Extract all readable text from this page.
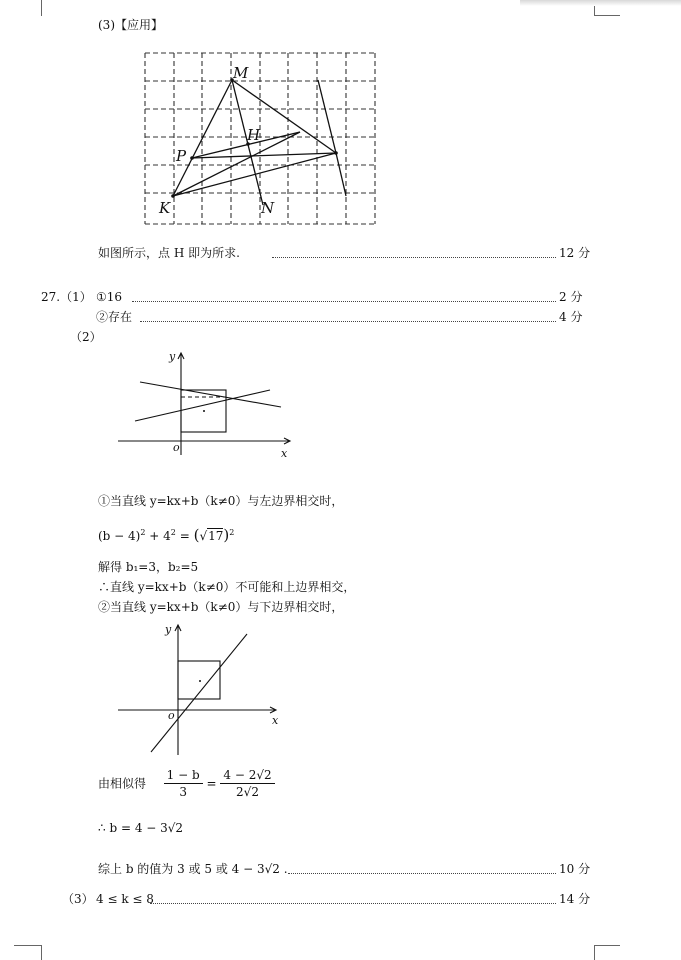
(3)【应用】
M
H
P
K	N
如图所示，点 H 即为所求.	12 分
27.（1） ①16	2 分
②存在	4 分
（2）
y
x
o
①当直线 y=kx+b（k≠0）与左边界相交时，
$(b - 4)^2 + 4^2 = (√17)^2$
解得 b₁=3，b₂=5
∴直线 y=kx+b（k≠0）不可能和上边界相交，
②当直线 y=kx+b（k≠0）与下边界相交时，
y
x
o
由相似得 $\frac{1 - b}{3} = \frac{4 - 2√2}{2√2}$
∴ b = 4 − 3√2
综上 b 的值为 3 或 5 或 4 − 3√2 .	10 分
（3） 4 ≤ k ≤ 8	14 分
